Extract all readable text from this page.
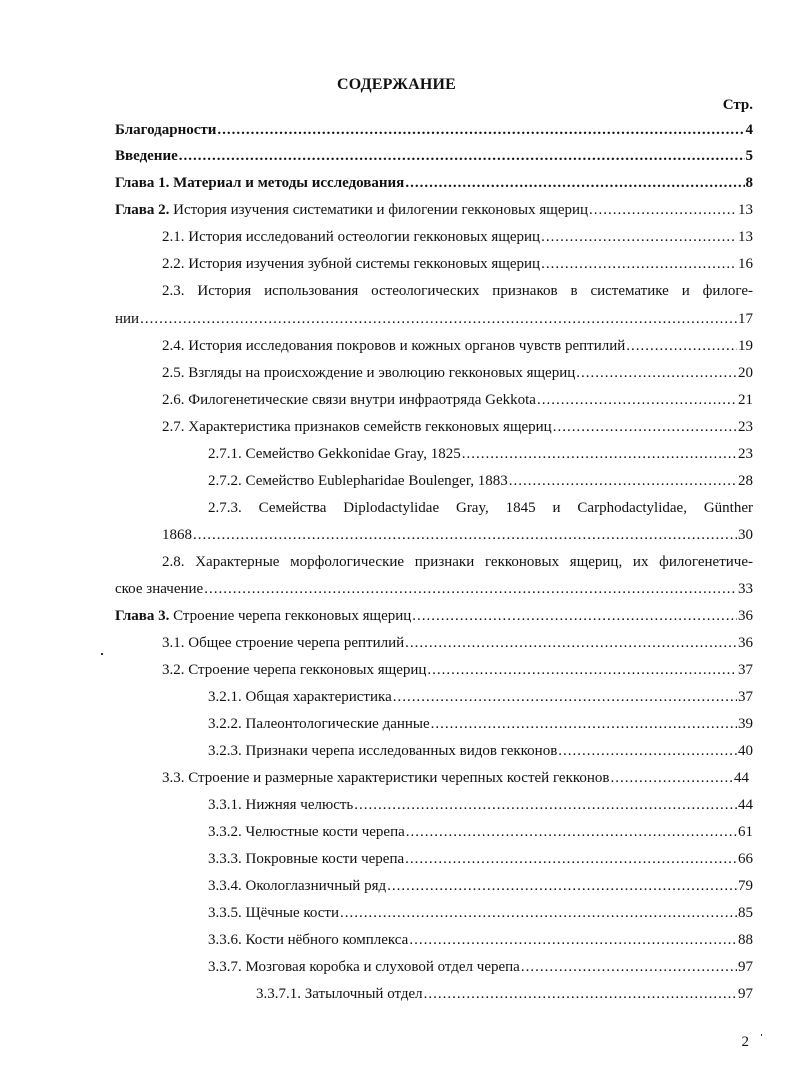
СОДЕРЖАНИЕ
Стр.
Благодарности .....	4
Введение .....	5
Глава 1. Материал и методы исследования .....	8
Глава 2. История изучения систематики и филогении гекконовых ящериц .....	13
2.1. История исследований остеологии гекконовых ящериц .....	13
2.2. История изучения зубной системы гекконовых ящериц .....	16
2.3. История использования остеологических признаков в систематике и филоге-
нии .....	17
2.4. История исследования покровов и кожных органов чувств рептилий .....	19
2.5. Взгляды на происхождение и эволюцию гекконовых ящериц .....	20
2.6. Филогенетические связи внутри инфраотряда Gekkota .....	21
2.7. Характеристика признаков семейств гекконовых ящериц .....	23
2.7.1. Семейство Gekkonidae Gray, 1825 .....	23
2.7.2. Семейство Eublepharidae Boulenger, 1883 .....	28
2.7.3. Семейства Diplodactylidae Gray, 1845 и Carphodactylidae, Günther
1868 .....	30
2.8. Характерные морфологические признаки гекконовых ящериц, их филогенетиче-
ское значение .....	33
Глава 3. Строение черепа гекконовых ящериц .....	36
3.1. Общее строение черепа рептилий .....	36
3.2. Строение черепа гекконовых ящериц .....	37
3.2.1. Общая характеристика .....	37
3.2.2. Палеонтологические данные .....	39
3.2.3. Признаки черепа исследованных видов гекконов .....	40
3.3. Строение и размерные характеристики черепных костей гекконов .....	44
3.3.1. Нижняя челюсть .....	44
3.3.2. Челюстные кости черепа .....	61
3.3.3. Покровные кости черепа .....	66
3.3.4. Окологлазничный ряд .....	79
3.3.5. Щёчные кости .....	85
3.3.6. Кости нёбного комплекса .....	88
3.3.7. Мозговая коробка и слуховой отдел черепа .....	97
3.3.7.1. Затылочный отдел .....	97
2
